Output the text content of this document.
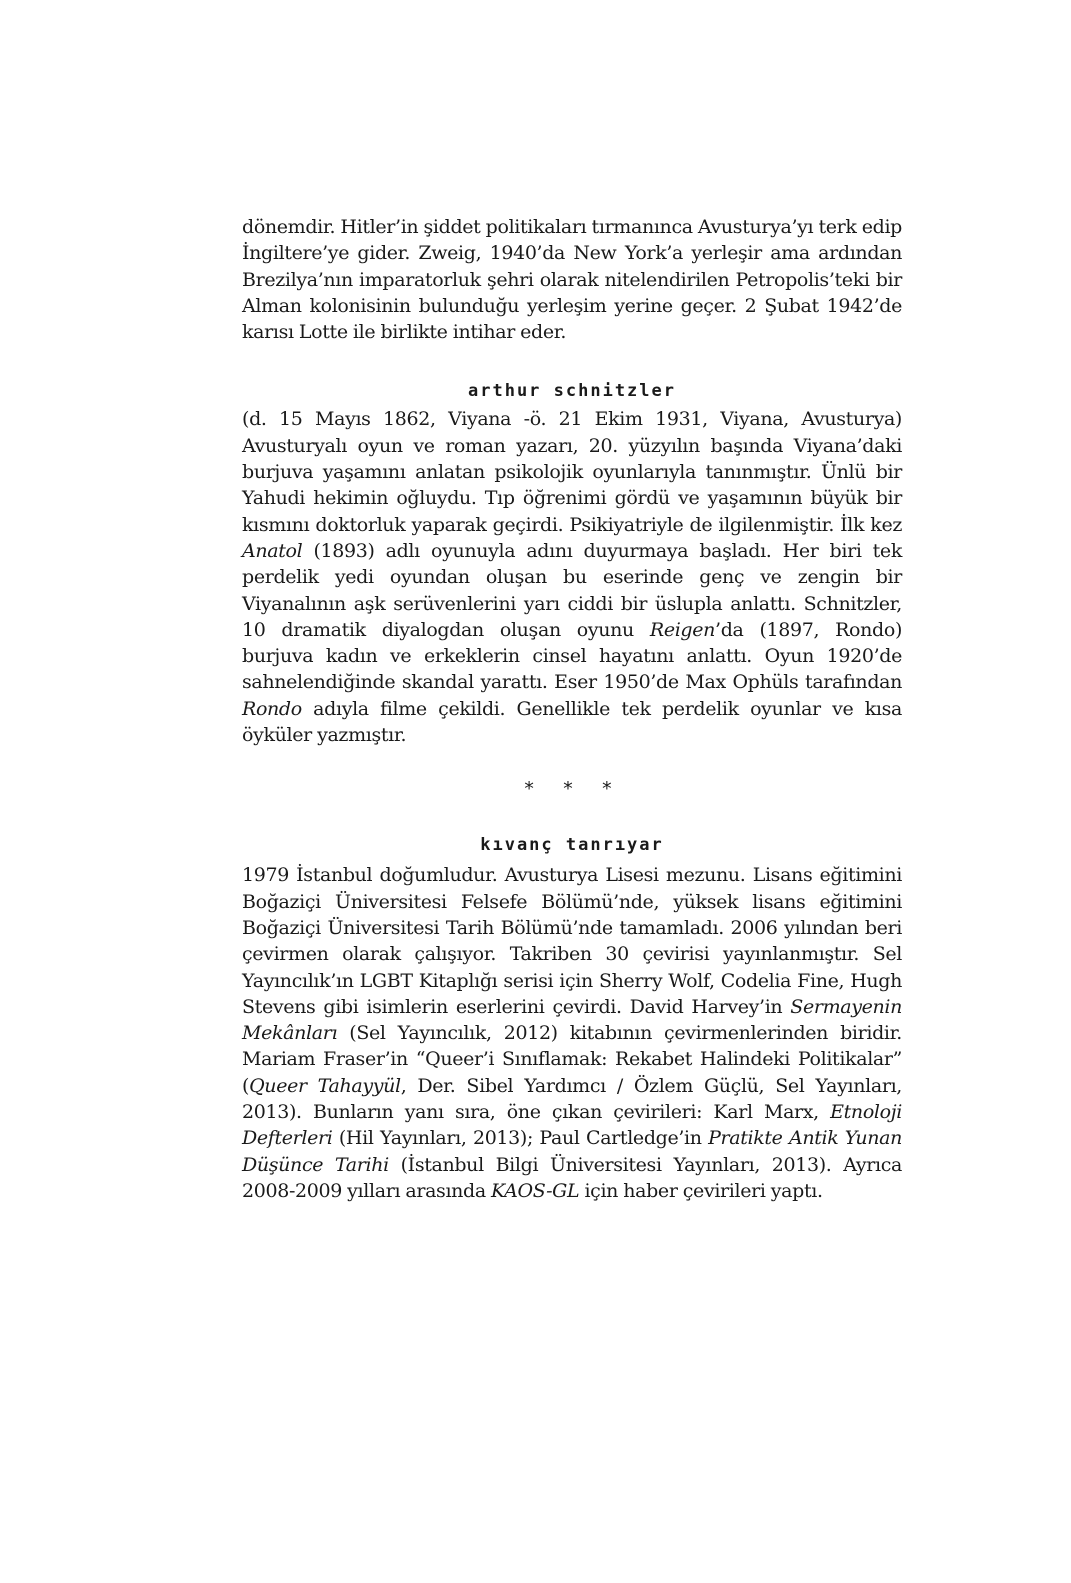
dönemdir. Hitler’in şiddet politikaları tırmanınca Avusturya’yı terk edip İngiltere’ye gider. Zweig, 1940’da New York’a yerleşir ama ardından Brezilya’nın imparatorluk şehri olarak nitelendirilen Petropolis’teki bir Alman kolonisinin bulunduğu yerleşim yerine geçer. 2 Şubat 1942’de karısı Lotte ile birlikte intihar eder.

arthur schnitzler

(d. 15 Mayıs 1862, Viyana -ö. 21 Ekim 1931, Viyana, Avusturya) Avusturyalı oyun ve roman yazarı, 20. yüzyılın başında Viyana’daki burjuva yaşamını anlatan psikolojik oyunlarıyla tanınmıştır. Ünlü bir Yahudi hekimin oğluydu. Tıp öğrenimi gördü ve yaşamının büyük bir kısmını doktorluk yaparak geçirdi. Psikiyatriyle de ilgilenmiştir. İlk kez Anatol (1893) adlı oyunuyla adını duyurmaya başladı. Her biri tek perdelik yedi oyundan oluşan bu eserinde genç ve zengin bir Viyanalının aşk serüvenlerini yarı ciddi bir üslupla anlattı. Schnitzler, 10 dramatik diyalogdan oluşan oyunu Reigen’da (1897, Rondo) burjuva kadın ve erkeklerin cinsel hayatını anlattı. Oyun 1920’de sahnelendiğinde skandal yarattı. Eser 1950’de Max Ophüls tarafından Rondo adıyla filme çekildi. Genellikle tek perdelik oyunlar ve kısa öyküler yazmıştır.

* * *
kıvanç tanrıyar

1979 İstanbul doğumludur. Avusturya Lisesi mezunu. Lisans eğitimini Boğaziçi Üniversitesi Felsefe Bölümü’nde, yüksek lisans eğitimini Boğaziçi Üniversitesi Tarih Bölümü’nde tamamladı. 2006 yılından beri çevirmen olarak çalışıyor. Takriben 30 çevirisi yayınlanmıştır. Sel Yayıncılık’ın LGBT Kitaplığı serisi için Sherry Wolf, Codelia Fine, Hugh Stevens gibi isimlerin eserlerini çevirdi. David Harvey’in Sermayenin Mekânları (Sel Yayıncılık, 2012) kitabının çevirmenlerinden biridir. Mariam Fraser’in “Queer’i Sınıflamak: Rekabet Halindeki Politikalar” (Queer Tahayyül, Der. Sibel Yardımcı / Özlem Güçlü, Sel Yayınları, 2013). Bunların yanı sıra, öne çıkan çevirileri: Karl Marx, Etnoloji Defterleri (Hil Yayınları, 2013); Paul Cartledge’in Pratikte Antik Yunan Düşünce Tarihi (İstanbul Bilgi Üniversitesi Yayınları, 2013). Ayrıca 2008-2009 yılları arasında KAOS-GL için haber çevirileri yaptı.
